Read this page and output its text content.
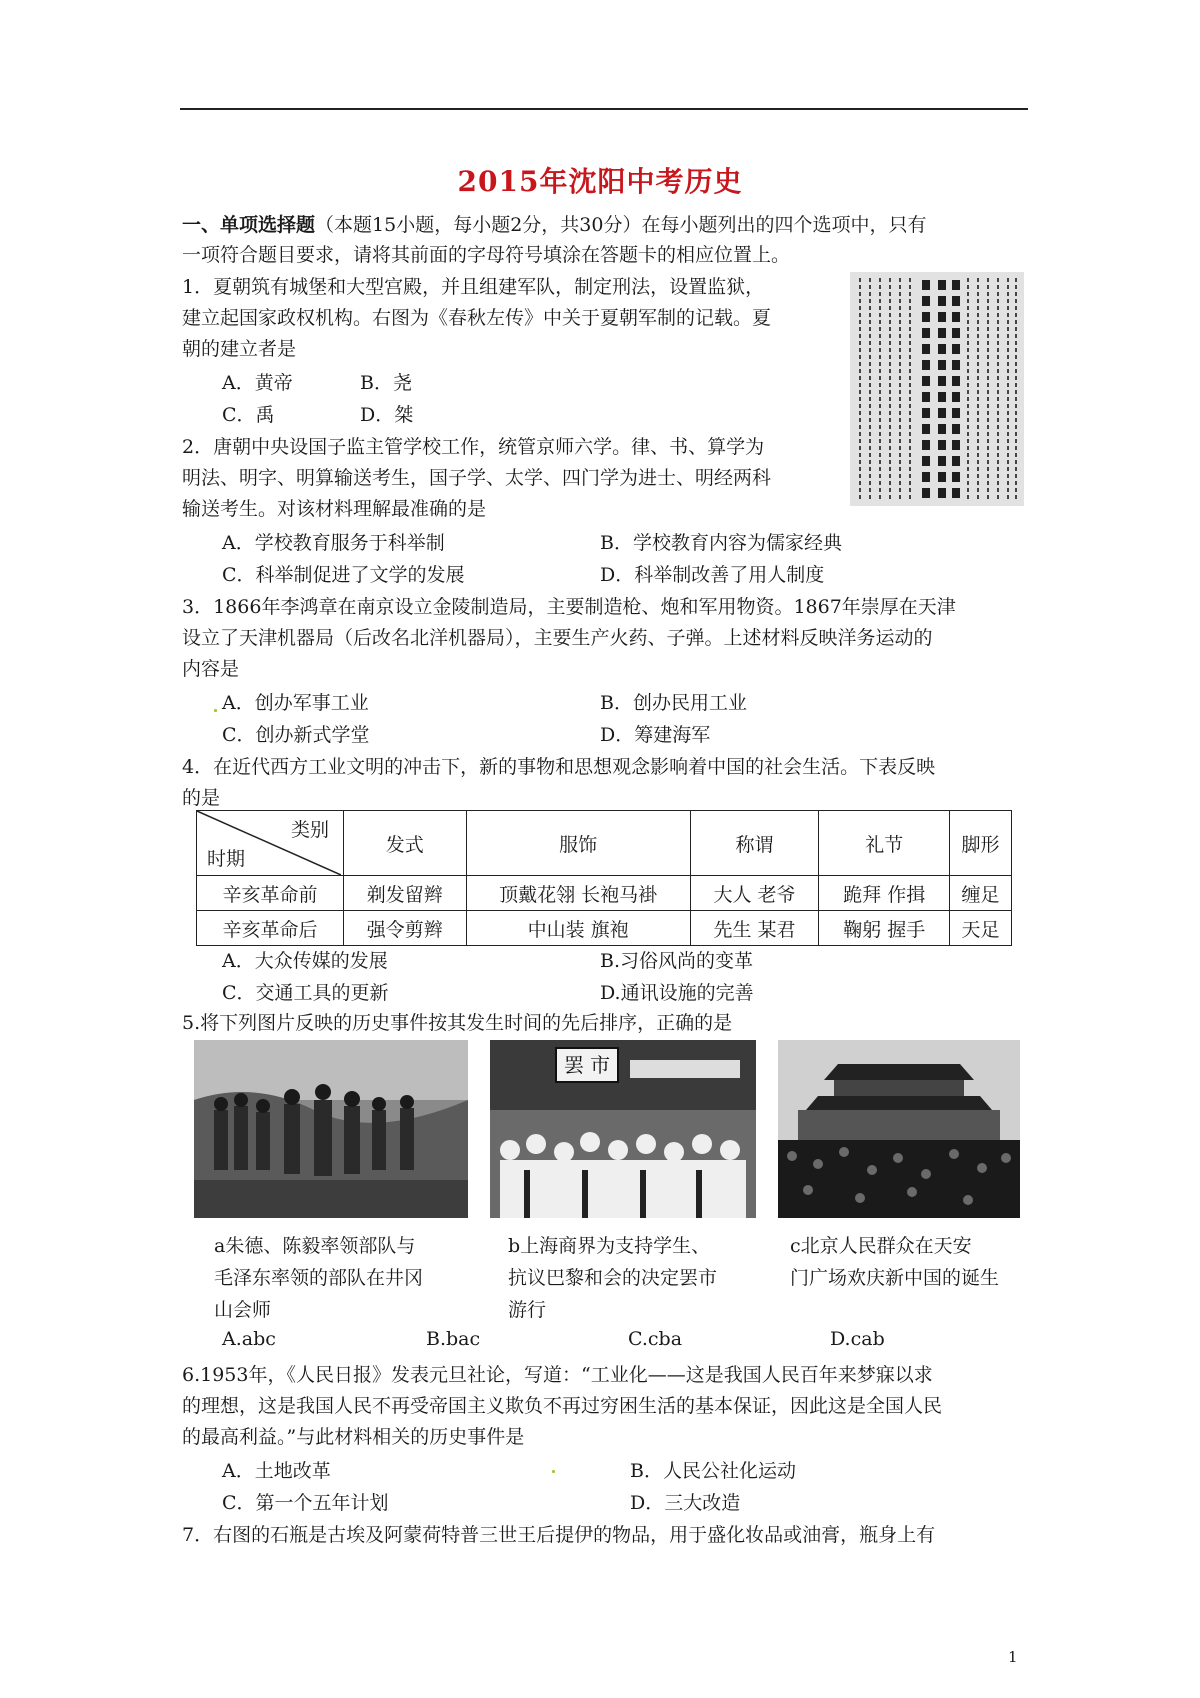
2015年沈阳中考历史
一、单项选择题（本题15小题，每小题2分，共30分）在每小题列出的四个选项中，只有
一项符合题目要求，请将其前面的字母符号填涂在答题卡的相应位置上。
1．夏朝筑有城堡和大型宫殿，并且组建军队，制定刑法，设置监狱，
建立起国家政权机构。右图为《春秋左传》中关于夏朝军制的记载。夏
朝的建立者是
A．黄帝	B．尧
C．禹	D．桀
2．唐朝中央设国子监主管学校工作，统管京师六学。律、书、算学为
明法、明字、明算输送考生，国子学、太学、四门学为进士、明经两科
输送考生。对该材料理解最准确的是
A．学校教育服务于科举制	B．学校教育内容为儒家经典
C．科举制促进了文学的发展	D．科举制改善了用人制度
3．1866年李鸿章在南京设立金陵制造局，主要制造枪、炮和军用物资。1867年崇厚在天津
设立了天津机器局（后改名北洋机器局），主要生产火药、子弹。上述材料反映洋务运动的
内容是
A．创办军事工业	B．创办民用工业
C．创办新式学堂	D．筹建海军
4．在近代西方工业文明的冲击下，新的事物和思想观念影响着中国的社会生活。下表反映
的是
类别
时期	发式	服饰	称谓	礼节	脚形
辛亥革命前	剃发留辫	顶戴花翎 长袍马褂	大人 老爷	跪拜 作揖	缠足
辛亥革命后	强令剪辫	中山装 旗袍	先生 某君	鞠躬 握手	天足
A．大众传媒的发展	B.习俗风尚的变革
C．交通工具的更新	D.通讯设施的完善
5.将下列图片反映的历史事件按其发生时间的先后排序，正确的是
罢 市
a朱德、陈毅率领部队与
毛泽东率领的部队在井冈
山会师
b上海商界为支持学生、
抗议巴黎和会的决定罢市
游行
c北京人民群众在天安
门广场欢庆新中国的诞生
A.abc	B.bac	C.cba	D.cab
6.1953年，《人民日报》发表元旦社论，写道：“工业化——这是我国人民百年来梦寐以求
的理想，这是我国人民不再受帝国主义欺负不再过穷困生活的基本保证，因此这是全国人民
的最高利益。”与此材料相关的历史事件是
A．土地改革	B．人民公社化运动
C．第一个五年计划	D．三大改造
7．右图的石瓶是古埃及阿蒙荷特普三世王后提伊的物品，用于盛化妆品或油膏，瓶身上有
1
